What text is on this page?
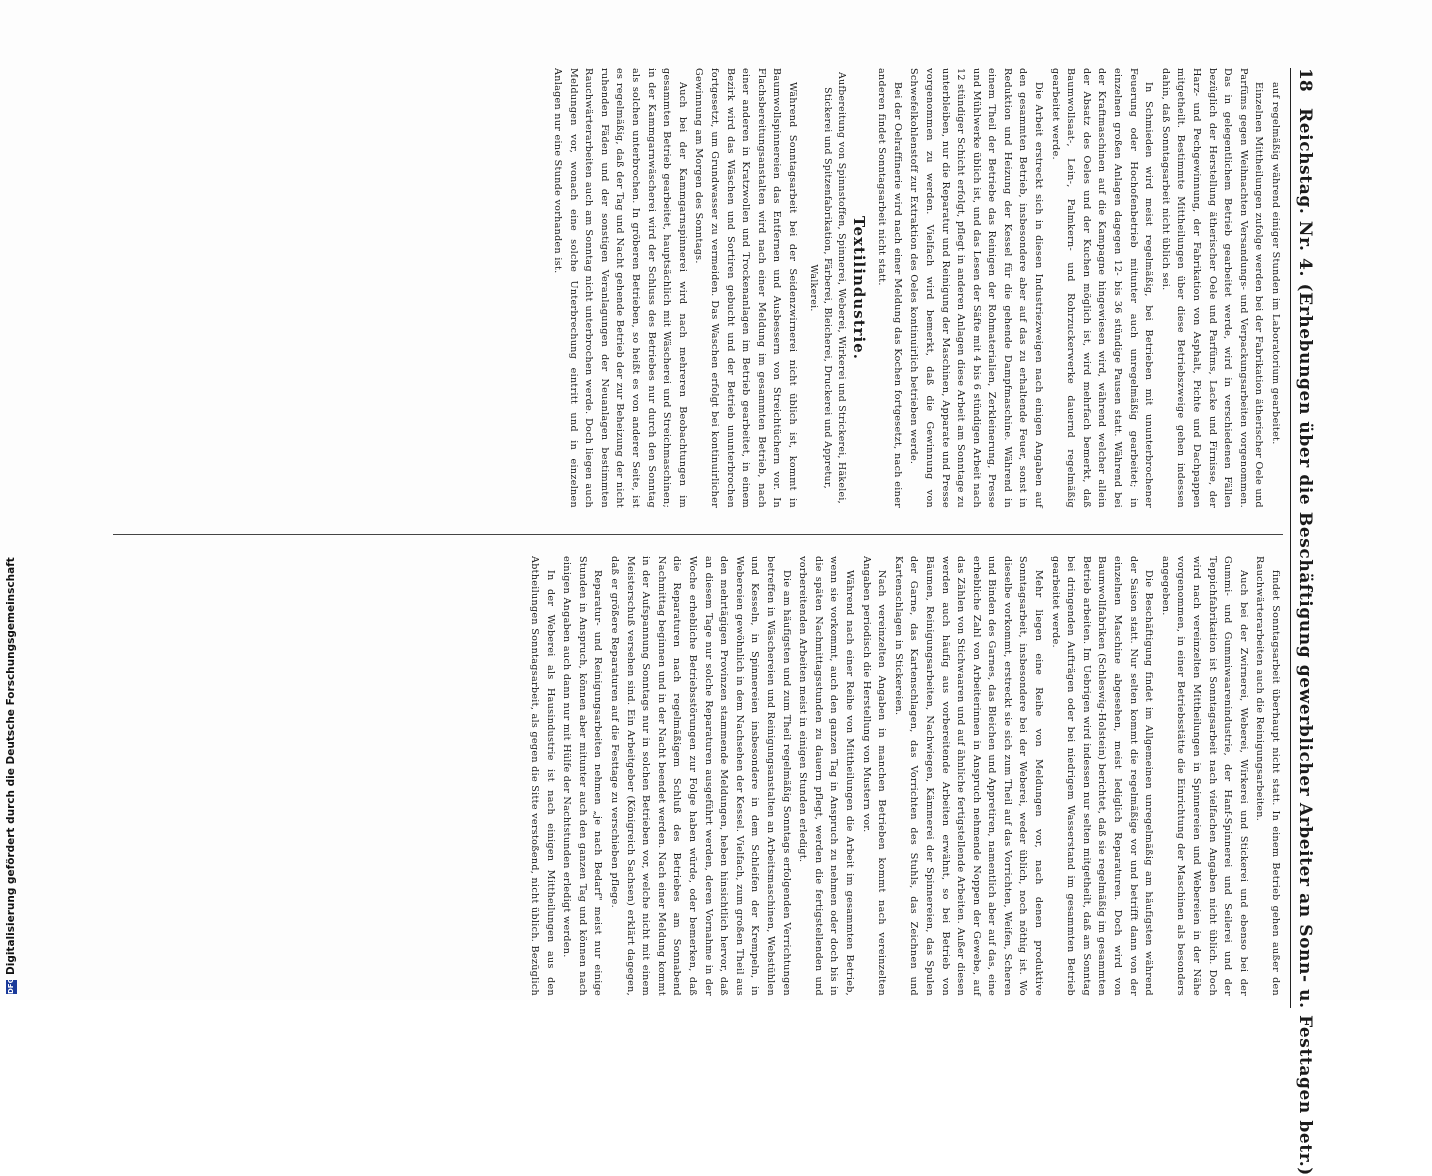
18
Reichstag. Nr. 4. (Erhebungen über die Beschäftigung gewerblicher Arbeiter an Sonn- u. Festtagen betr.)

auf regelmäßig während einiger Stunden im Laboratorium gearbeitet.

Einzelnen Mittheilungen zufolge werden bei der Fabrikation ätherischer Oele und Parfüms gegen Weihnachten Versandungs- und Verpackungsarbeiten vorgenommen. Das in gelegentlichem Betrieb gearbeitet werde, wird in verschiedenen Fällen bezüglich der Herstellung ätherischer Oele und Parfüms, Lacke und Firnisse, der Harz- und Pechgewinnung, der Fabrikation von Asphalt, Pichte und Dachpappen mitgetheilt. Bestimmte Mittheilungen über diese Betriebszweige gehen indessen dahin, daß Sonntagsarbeit nicht üblich sei.

In Schmieden wird meist regelmäßig, bei Betrieben mit ununterbrochener Feuerung oder Hochofenbetrieb mitunter auch unregelmäßig gearbeitet; in einzelnen großen Anlagen dagegen 12- bis 36 stündige Pausen statt. Während bei der Kraftmaschinen auf die Kampagne hingewiesen wird, während welcher allein der Absatz des Oeles und der Kuchen möglich ist, wird mehrfach bemerkt, daß Baumwollsaat-, Lein-, Palmkern- und Rohrzuckerwerke dauernd regelmäßig gearbeitet werde.

Die Arbeit erstreckt sich in diesen Industriezweigen nach einigen Angaben auf den gesammten Betrieb, insbesondere aber auf das zu erhaltende Feuer, sonst in Reduktion und Heizung der Kessel für die gehende Dampfmaschine. Während in einem Theil der Betriebe das Reinigen der Rohmaterialien, Zerkleinerung, Presse und Mühlwerke üblich ist, und das Lesen der Säfte mit 4 bis 6 stündigen Arbeit nach 12 stündiger Schicht erfolgt, pflegt in anderen Anlagen diese Arbeit am Sonntage zu unterbleiben, nur die Reparatur und Reinigung der Maschinen, Apparate und Presse vorgenommen zu werden. Vielfach wird bemerkt, daß die Gewinnung von Schwefelkohlenstoff zur Extraktion des Oeles kontinuirlich betrieben werde.

Bei der Oelraffinerie wird nach einer Meldung das Kochen fortgesetzt, nach einer anderen findet Sonntagsarbeit nicht statt.

Textilindustrie.

Aufbereitung von Spinnstoffen, Spinnerei, Weberei, Wirkerei und Strickerei, Häkelei, Stickerei und Spitzenfabrikation, Färberei, Bleicherei, Druckerei und Appretur, Walkerei.

Während Sonntagsarbeit bei der Seidenzwirnerei nicht üblich ist, kommt in Baumwollspinnereien das Entfernen und Ausbessern von Streichtüchern vor. In Flachsbereitungsanstalten wird nach einer Meldung im gesammten Betrieb, nach einer anderen in Kratzwollen und Trockenanlagen im Betrieb gearbeitet, in einem Bezirk wird das Wäschen und Sortiren gebucht und der Betrieb ununterbrochen fortgesetzt, um Grundwasser zu vermeiden. Das Waschen erfolgt bei kontinuirlicher Gewinnung am Morgen des Sonntags.

Auch bei der Kammgarnspinnerei wird nach mehreren Beobachtungen im gesammten Betrieb gearbeitet, hauptsächlich mit Wäscherei und Streichmaschinen; in der Kammgarnwäscherei wird der Schluss des Betriebes nur durch den Sonntag als solchen unterbrochen. In gröberen Betrieben, so heißt es von anderer Seite, ist es regelmäßig, daß der Tag und Nacht gehende Betrieb der zur Beheizung der nicht ruhenden Fäden und der sonstigen Veranlagungen der Neuanlagen bestimmten Rauchwärterarbeiten auch am Sonntag nicht unterbrochen werde. Doch liegen auch Meldungen vor, wonach eine solche Unterbrechung eintritt und in einzelnen Anlagen nur eine Stunde vorhanden ist.

findet Sonntagsarbeit überhaupt nicht statt. In einem Betrieb gehen außer den Rauchwärterarbeiten auch die Reinigungsarbeiten.

Auch bei der Zwirnerei, Weberei, Wirkerei und Stickerei und ebenso bei der Gummi- und Gummiwaarenindustrie, der Hanf-Spinnerei und Seilerei und der Teppichfabrikation ist Sonntagsarbeit nach vielfachen Angaben nicht üblich. Doch wird nach vereinzelten Mittheilungen in Spinnereien und Webereien in der Nähe vorgenommen, in einer Betriebsstätte die Einrichtung der Maschinen als besonders angegeben.

Die Beschäftigung findet im Allgemeinen unregelmäßig am häufigsten während der Saison statt. Nur selten kommt die regelmäßige vor und betrifft dann von der einzelnen Maschine abgesehen, meist lediglich Reparaturen. Doch wird von Baumwollfabriken (Schleswig-Holstein) berichtet, daß sie regelmäßig im gesammten Betrieb arbeiten. Im Uebrigen wird indessen nur selten mitgetheilt, daß am Sonntag bei dringenden Aufträgen oder bei niedrigem Wasserstand im gesammten Betrieb gearbeitet werde.

Mehr liegen eine Reihe von Meldungen vor, nach denen produktive Sonntagsarbeit, insbesondere bei der Weberei, weder üblich, noch nöthig ist. Wo dieselbe vorkommt, erstreckt sie sich zum Theil auf das Vorrichten, Weifen, Scheren und Binden des Garnes, das Bleichen und Appretiren, namentlich aber auf das, eine erhebliche Zahl von Arbeiterinnen in Anspruch nehmende Noppen der Gewebe, auf das Zählen von Stichwaaren und auf ähnliche fertigstellende Arbeiten. Außer diesen werden auch häufig aus vorbereitende Arbeiten erwähnt, so bei Betrieb von Bäumen, Reinigungsarbeiten, Nachwiegen, Kämmerei der Spinnereien, das Spulen der Garne, das Kartenschlagen, das Vorrichten des Stuhls, das Zeichnen und Kartenschlagen in Stickereien.

Nach vereinzelten Angaben in manchen Betrieben kommt nach vereinzelten Angaben periodisch die Herstellung von Mustern vor.

Während nach einer Reihe von Mittheilungen die Arbeit im gesammten Betrieb, wenn sie vorkommt, auch den ganzen Tag in Anspruch zu nehmen oder doch bis in die späten Nachmittagsstunden zu dauern pflegt, werden die fertigstellenden und vorbereitenden Arbeiten meist in einigen Stunden erledigt.

Die am häufigsten und zum Theil regelmäßig Sonntags erfolgenden Verrichtungen betreffen in Wäschereien und Reinigungsanstalten an Arbeitsmaschinen, Webstühlen und Kesseln, in Spinnereien insbesondere in dem Schleifen der Krempeln, in Webereien gewöhnlich in dem Nachsehen der Kessel. Vielfach, zum großen Theil aus den mehrtägigen Provinzen stammende Meldungen, heben hinsichtlich hervor, daß an diesem Tage nur solche Reparaturen ausgeführt werden, deren Vornahme in der Woche erhebliche Betriebsstörungen zur Folge haben würde, oder bemerken, daß die Reparaturen nach regelmäßigem Schluß des Betriebes am Sonnabend Nachmittag beginnen und in der Nacht beendet werden. Nach einer Meldung kommt in der Aufspannung Sonntags nur in solchen Betrieben vor, welche nicht mit einem Meisterschuß versehen sind. Ein Arbeitgeber (Königreich Sachsen) erklärt dagegen, daß er größere Reparaturen auf die Festtage zu verschieben pflege.

Reparatur- und Reinigungsarbeiten nehmen „je nach Bedarf" meist nur einige Stunden in Anspruch, können aber mitunter auch den ganzen Tag und können nach einigen Angaben auch dann nur mit Hülfe der Nachtstunden erledigt werden.

In der Weberei als Hausindustrie ist nach einigen Mittheilungen aus den Abtheilungen Sonntagsarbeit, als gegen die Sitte verstoßend, nicht üblich. Bezüglich

DFGDigitalisierung gefördert durch die Deutsche Forschungsgemeinschaft
